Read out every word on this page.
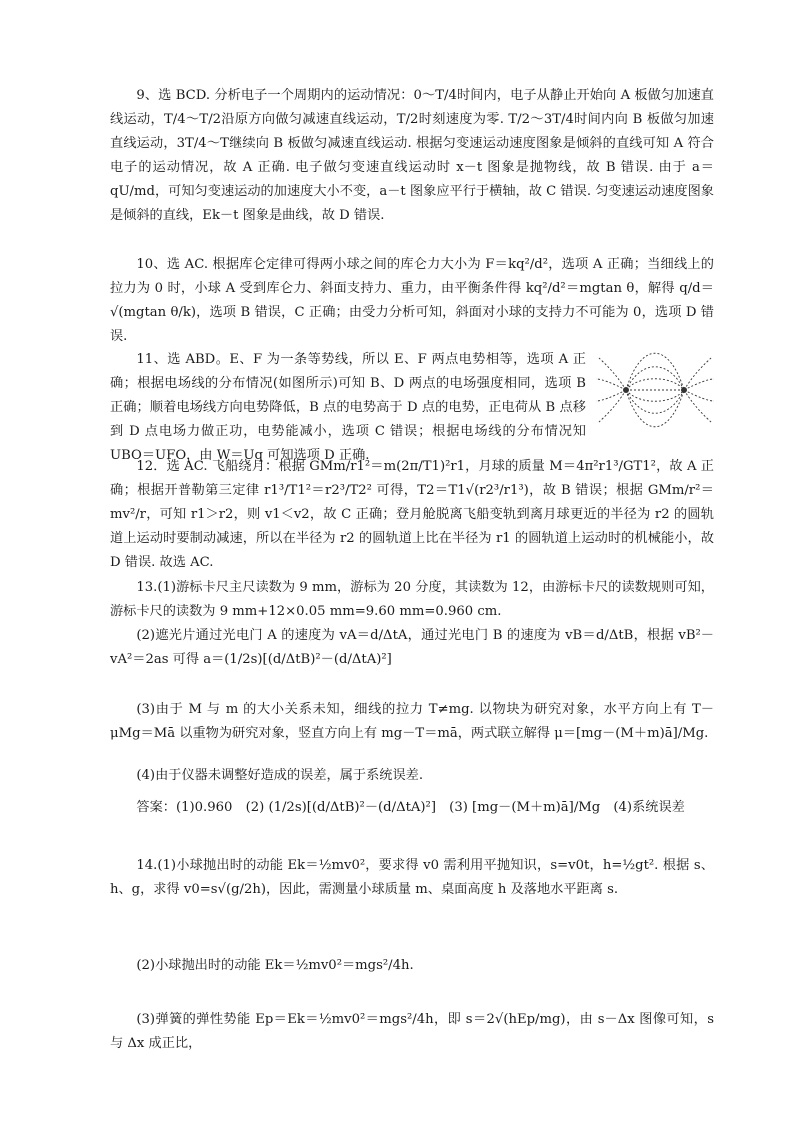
9、选 BCD. 分析电子一个周期内的运动情况：0～T/4时间内，电子从静止开始向 A 板做匀加速直线运动，T/4～T/2沿原方向做匀减速直线运动，T/2时刻速度为零. T/2～3T/4时间内向 B 板做匀加速直线运动，3T/4～T继续向 B 板做匀减速直线运动. 根据匀变速运动速度图象是倾斜的直线可知 A 符合电子的运动情况，故 A 正确. 电子做匀变速直线运动时 x－t 图象是抛物线，故 B 错误. 由于 a＝qU/md，可知匀变速运动的加速度大小不变，a－t 图象应平行于横轴，故 C 错误. 匀变速运动速度图象是倾斜的直线，Ek－t 图象是曲线，故 D 错误.

10、选 AC. 根据库仑定律可得两小球之间的库仑力大小为 F＝kq²/d²，选项 A 正确；当细线上的拉力为 0 时，小球 A 受到库仑力、斜面支持力、重力，由平衡条件得 kq²/d²＝mgtan θ，解得 q/d＝√(mgtan θ/k)，选项 B 错误，C 正确；由受力分析可知，斜面对小球的支持力不可能为 0，选项 D 错误.

11、选 ABD。E、F 为一条等势线，所以 E、F 两点电势相等，选项 A 正确；根据电场线的分布情况(如图所示)可知 B、D 两点的电场强度相同，选项 B 正确；顺着电场线方向电势降低，B 点的电势高于 D 点的电势，正电荷从 B 点移到 D 点电场力做正功，电势能减小，选项 C 错误；根据电场线的分布情况知 UBO＝UFO，由 W＝Uq 可知选项 D 正确.

12．选 AC. 飞船绕月：根据 GMm/r1²＝m(2π/T1)²r1，月球的质量 M＝4π²r1³/GT1²，故 A 正确；根据开普勒第三定律 r1³/T1²＝r2³/T2² 可得，T2＝T1√(r2³/r1³)，故 B 错误；根据 GMm/r²＝mv²/r，可知 r1＞r2，则 v1＜v2，故 C 正确；登月舱脱离飞船变轨到离月球更近的半径为 r2 的圆轨道上运动时要制动减速，所以在半径为 r2 的圆轨道上比在半径为 r1 的圆轨道上运动时的机械能小，故 D 错误. 故选 AC.

13.(1)游标卡尺主尺读数为 9 mm，游标为 20 分度，其读数为 12，由游标卡尺的读数规则可知，游标卡尺的读数为 9 mm+12×0.05 mm=9.60 mm=0.960 cm.

(2)遮光片通过光电门 A 的速度为 vA＝d/ΔtA，通过光电门 B 的速度为 vB＝d/ΔtB，根据 vB²－vA²＝2as 可得 a＝(1/2s)[(d/ΔtB)²－(d/ΔtA)²]

(3)由于 M 与 m 的大小关系未知，细线的拉力 T≠mg. 以物块为研究对象，水平方向上有 T－μMg＝Mā 以重物为研究对象，竖直方向上有 mg－T＝mā，两式联立解得 μ＝[mg－(M＋m)ā]/Mg.

(4)由于仪器未调整好造成的误差，属于系统误差.

答案：(1)0.960　(2) (1/2s)[(d/ΔtB)²－(d/ΔtA)²]　(3) [mg－(M＋m)ā]/Mg　(4)系统误差

14.(1)小球抛出时的动能 Ek＝½mv0²，要求得 v0 需利用平抛知识，s=v0t，h=½gt². 根据 s、h、g，求得 v0=s√(g/2h)，因此，需测量小球质量 m、桌面高度 h 及落地水平距离 s.

(2)小球抛出时的动能 Ek＝½mv0²＝mgs²/4h.

(3)弹簧的弹性势能 Ep＝Ek＝½mv0²＝mgs²/4h，即 s＝2√(hEp/mg)，由 s－Δx 图像可知，s 与 Δx 成正比，
